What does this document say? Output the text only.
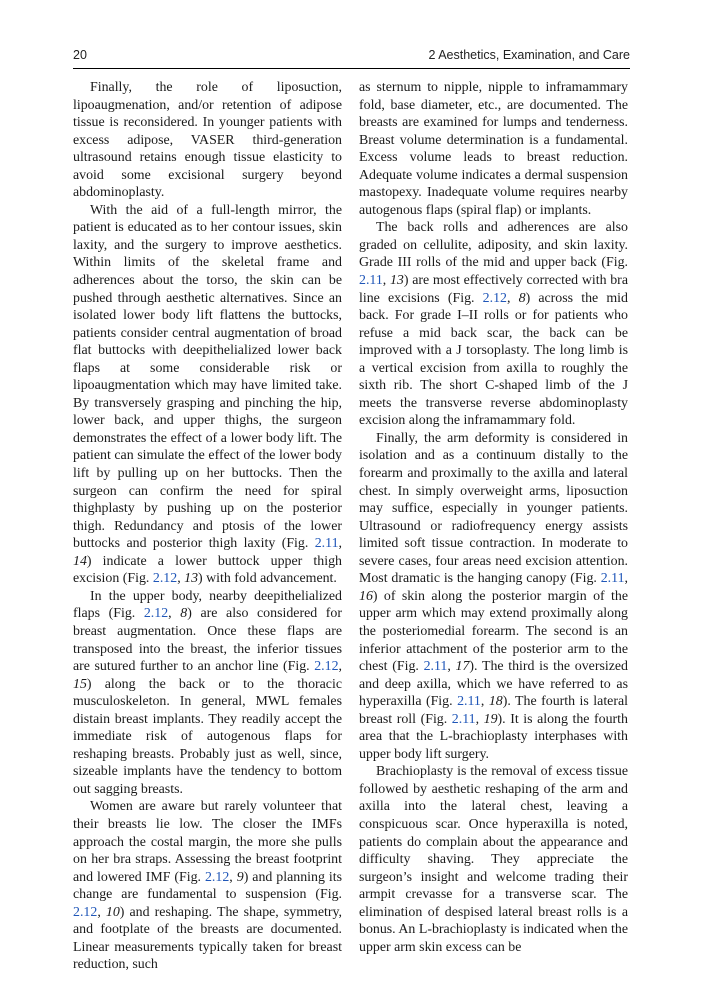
20	2 Aesthetics, Examination, and Care

Finally, the role of liposuction, lipoaugmenation, and/or retention of adipose tissue is reconsidered. In younger patients with excess adipose, VASER third-generation ultrasound retains enough tissue elasticity to avoid some excisional surgery beyond abdominoplasty.

With the aid of a full-length mirror, the patient is educated as to her contour issues, skin laxity, and the surgery to improve aesthetics. Within limits of the skeletal frame and adherences about the torso, the skin can be pushed through aesthetic alternatives. Since an isolated lower body lift flattens the buttocks, patients consider central augmentation of broad flat buttocks with deepithelialized lower back flaps at some considerable risk or lipoaugmentation which may have limited take. By transversely grasping and pinching the hip, lower back, and upper thighs, the surgeon demonstrates the effect of a lower body lift. The patient can simulate the effect of the lower body lift by pulling up on her buttocks. Then the surgeon can confirm the need for spiral thighplasty by pushing up on the posterior thigh. Redundancy and ptosis of the lower buttocks and posterior thigh laxity (Fig. 2.11, 14) indicate a lower buttock upper thigh excision (Fig. 2.12, 13) with fold advancement.

In the upper body, nearby deepithelialized flaps (Fig. 2.12, 8) are also considered for breast augmentation. Once these flaps are transposed into the breast, the inferior tissues are sutured further to an anchor line (Fig. 2.12, 15) along the back or to the thoracic musculoskeleton. In general, MWL females distain breast implants. They readily accept the immediate risk of autogenous flaps for reshaping breasts. Probably just as well, since, sizeable implants have the tendency to bottom out sagging breasts.

Women are aware but rarely volunteer that their breasts lie low. The closer the IMFs approach the costal margin, the more she pulls on her bra straps. Assessing the breast footprint and lowered IMF (Fig. 2.12, 9) and planning its change are fundamental to suspension (Fig. 2.12, 10) and reshaping. The shape, symmetry, and footplate of the breasts are documented. Linear measurements typically taken for breast reduction, such

as sternum to nipple, nipple to inframammary fold, base diameter, etc., are documented. The breasts are examined for lumps and tenderness. Breast volume determination is a fundamental. Excess volume leads to breast reduction. Adequate volume indicates a dermal suspension mastopexy. Inadequate volume requires nearby autogenous flaps (spiral flap) or implants.

The back rolls and adherences are also graded on cellulite, adiposity, and skin laxity. Grade III rolls of the mid and upper back (Fig. 2.11, 13) are most effectively corrected with bra line excisions (Fig. 2.12, 8) across the mid back. For grade I–II rolls or for patients who refuse a mid back scar, the back can be improved with a J torsoplasty. The long limb is a vertical excision from axilla to roughly the sixth rib. The short C-shaped limb of the J meets the transverse reverse abdominoplasty excision along the inframammary fold.

Finally, the arm deformity is considered in isolation and as a continuum distally to the forearm and proximally to the axilla and lateral chest. In simply overweight arms, liposuction may suffice, especially in younger patients. Ultrasound or radiofrequency energy assists limited soft tissue contraction. In moderate to severe cases, four areas need excision attention. Most dramatic is the hanging canopy (Fig. 2.11, 16) of skin along the posterior margin of the upper arm which may extend proximally along the posteriomedial forearm. The second is an inferior attachment of the posterior arm to the chest (Fig. 2.11, 17). The third is the oversized and deep axilla, which we have referred to as hyperaxilla (Fig. 2.11, 18). The fourth is lateral breast roll (Fig. 2.11, 19). It is along the fourth area that the L-brachioplasty interphases with upper body lift surgery.

Brachioplasty is the removal of excess tissue followed by aesthetic reshaping of the arm and axilla into the lateral chest, leaving a conspicuous scar. Once hyperaxilla is noted, patients do complain about the appearance and difficulty shaving. They appreciate the surgeon’s insight and welcome trading their armpit crevasse for a transverse scar. The elimination of despised lateral breast rolls is a bonus. An L-brachioplasty is indicated when the upper arm skin excess can be
